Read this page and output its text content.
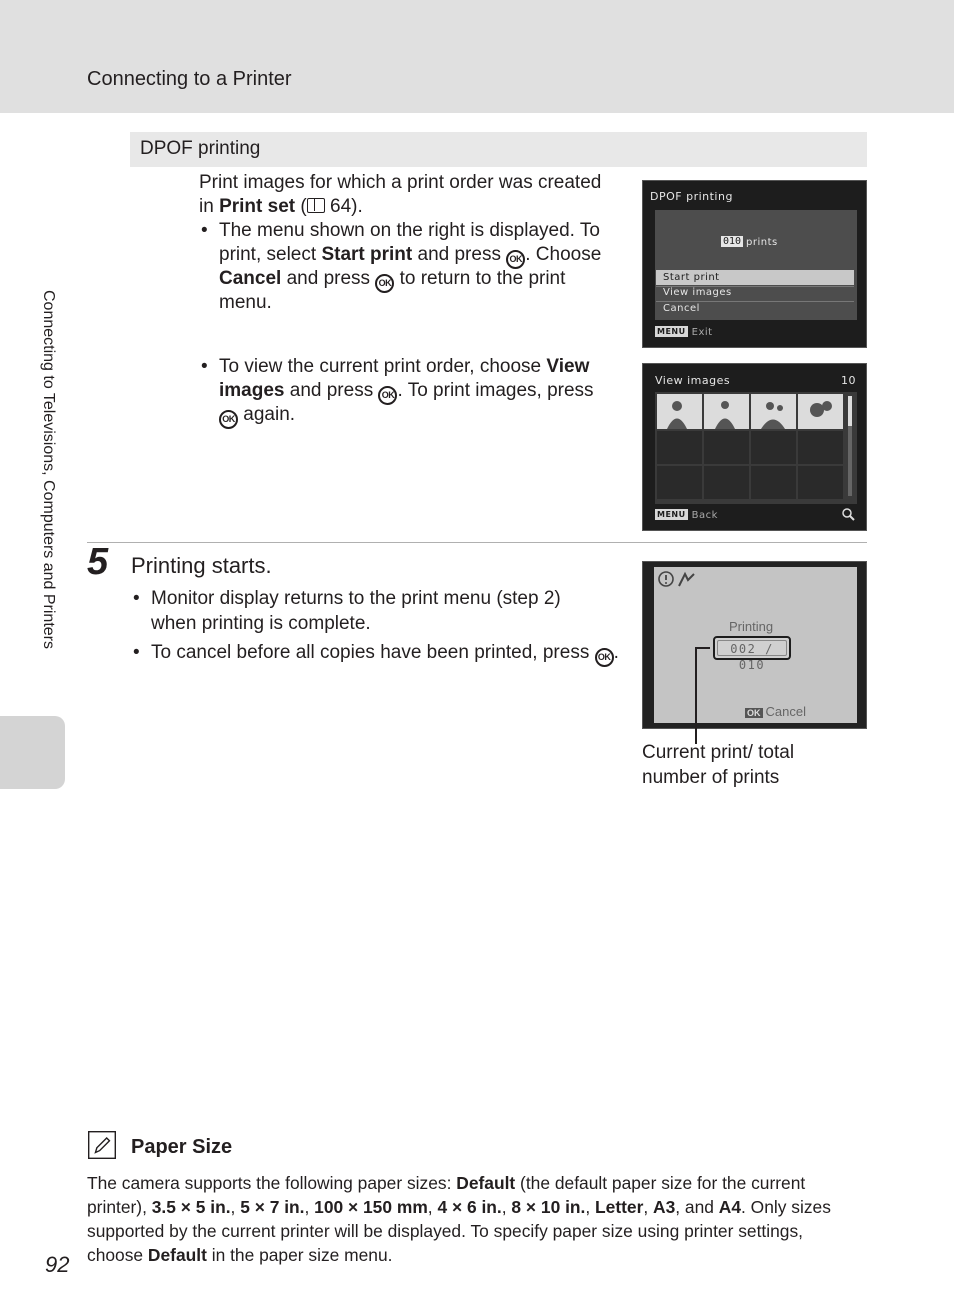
Connecting to a Printer
Connecting to Televisions, Computers and Printers
DPOF printing
Print images for which a print order was created
in Print set ( 64).
• The menu shown on the right is displayed. To
print, select Start print and press OK . Choose
Cancel and press OK to return to the print
menu.
• To view the current print order, choose View
images and press OK . To print images, press
OK again.
DPOF printing
010 prints
Start print
View images
Cancel
MENU Exit
View images	10
MENU Back
5 Printing starts.
• Monitor display returns to the print menu (step 2)
when printing is complete.
• To cancel before all copies have been printed, press OK .
Printing
002 / 010
OK Cancel
Current print/ total
number of prints
Paper Size
The camera supports the following paper sizes: Default (the default paper size for the current printer), 3.5 × 5 in., 5 × 7 in., 100 × 150 mm, 4 × 6 in., 8 × 10 in., Letter, A3, and A4. Only sizes supported by the current printer will be displayed. To specify paper size using printer settings, choose Default in the paper size menu.
92
